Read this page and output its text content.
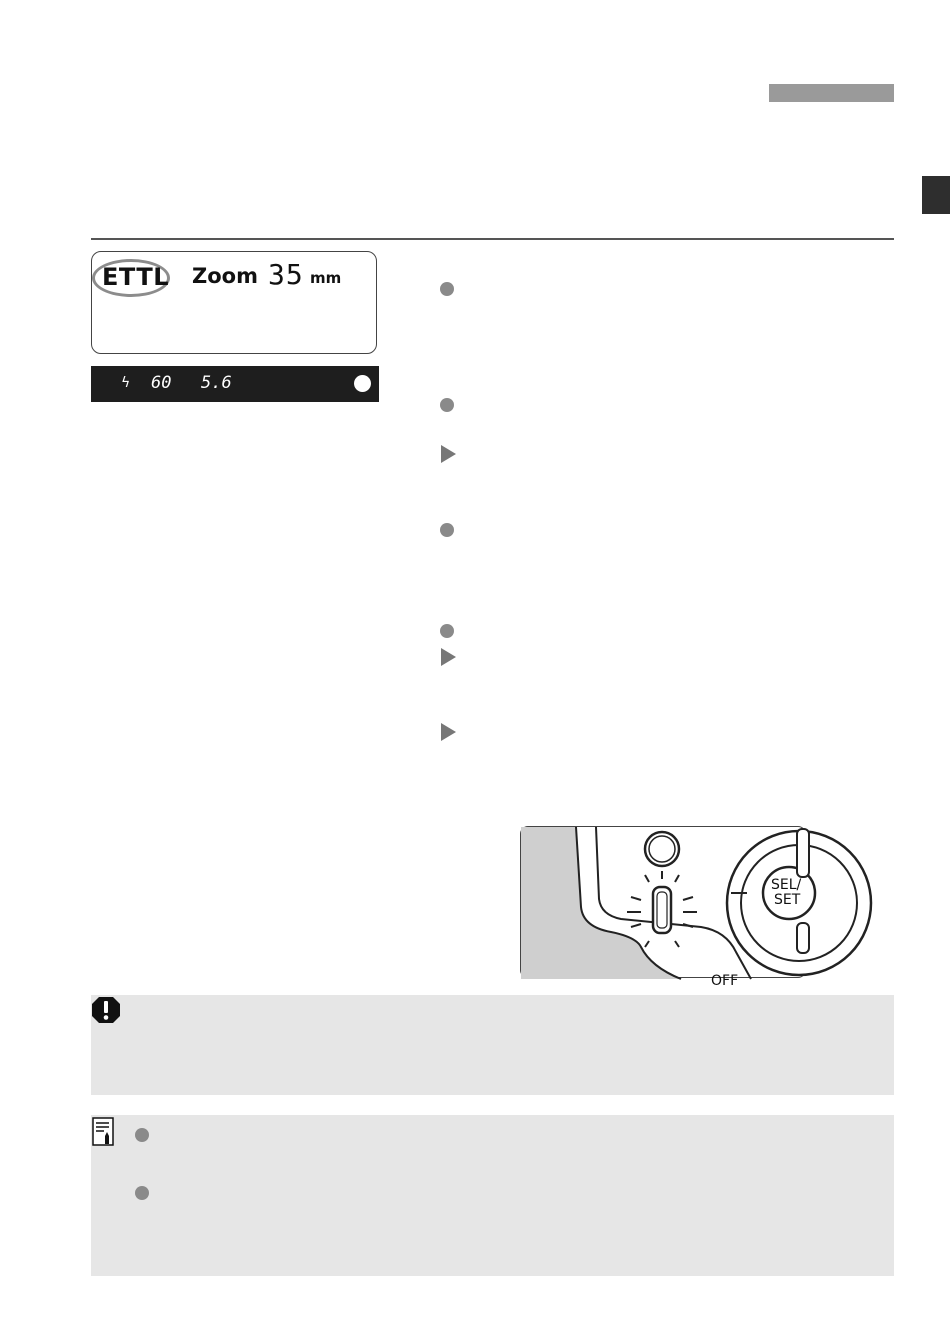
ETTL Zoom 35 mm
ϟ 60 5.6
SEL/
SET
OFF
